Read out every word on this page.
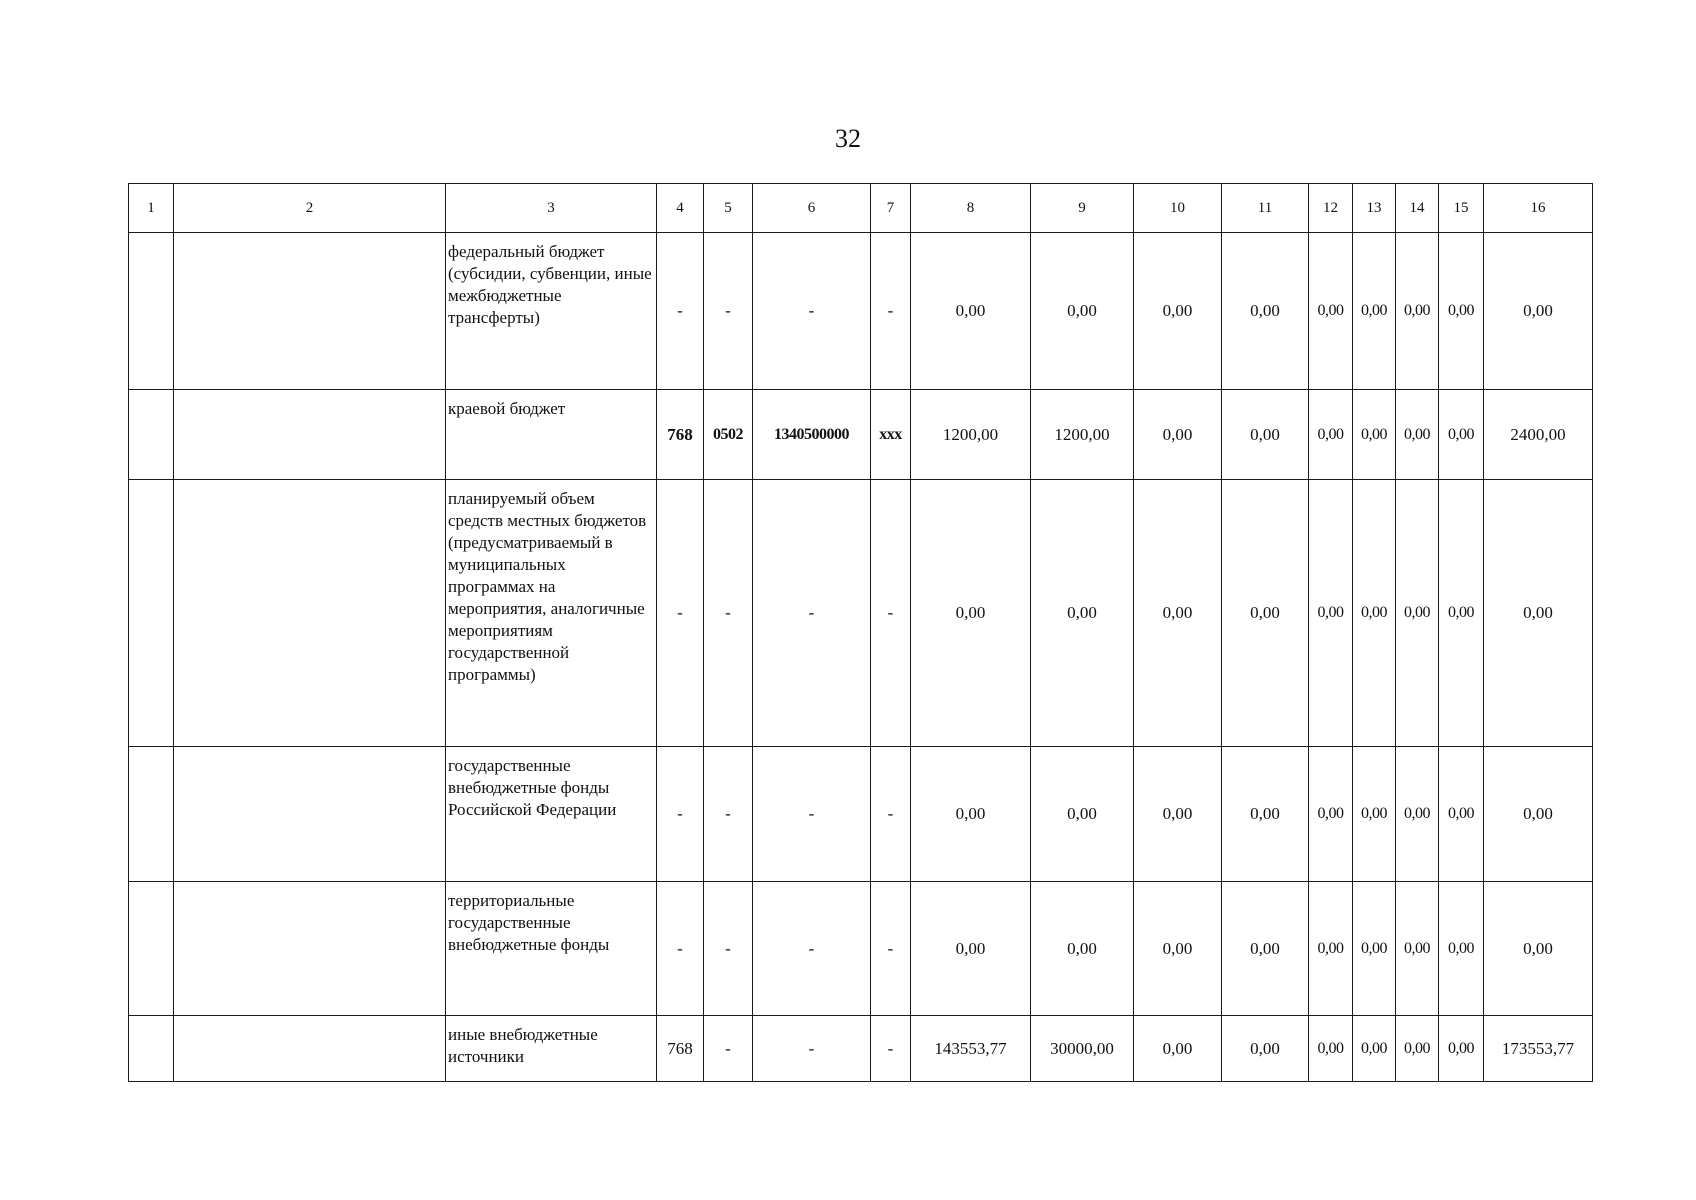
32
1	2	3	4	5	6	7	8	9	10	11	12	13	14	15	16
		федеральный бюджет (субсидии, субвенции, иные межбюджетные трансферты)	-	-	-	-	0,00	0,00	0,00	0,00	0,00	0,00	0,00	0,00	0,00
		краевой бюджет	768	0502	1340500000	ххх	1200,00	1200,00	0,00	0,00	0,00	0,00	0,00	0,00	2400,00
		планируемый объем средств местных бюджетов (предусматриваемый в муниципальных программах на мероприятия, аналогичные мероприятиям государственной программы)	-	-	-	-	0,00	0,00	0,00	0,00	0,00	0,00	0,00	0,00	0,00
		государственные внебюджетные фонды Российской Федерации	-	-	-	-	0,00	0,00	0,00	0,00	0,00	0,00	0,00	0,00	0,00
		территориальные государственные внебюджетные фонды	-	-	-	-	0,00	0,00	0,00	0,00	0,00	0,00	0,00	0,00	0,00
		иные внебюджетные источники	768	-	-	-	143553,77	30000,00	0,00	0,00	0,00	0,00	0,00	0,00	173553,77
